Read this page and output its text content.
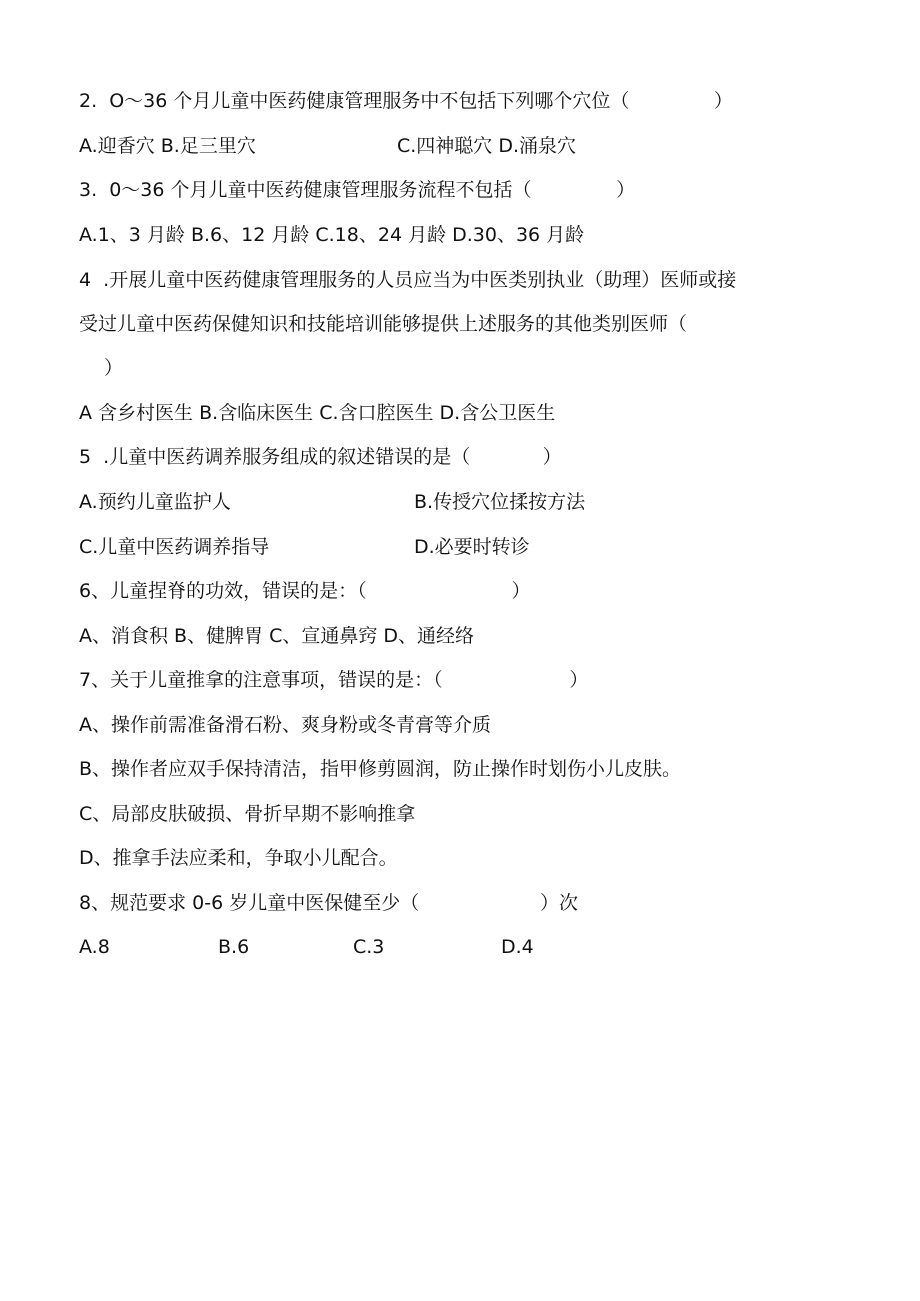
2.  O～36 个月儿童中医药健康管理服务中不包括下列哪个穴位（              ）
A.迎香穴 B.足三里穴	C.四神聪穴 D.涌泉穴
3.  0～36 个月儿童中医药健康管理服务流程不包括（              ）
A.1、3 月龄 B.6、12 月龄 C.18、24 月龄 D.30、36 月龄
4  .开展儿童中医药健康管理服务的人员应当为中医类别执业（助理）医师或接
受过儿童中医药保健知识和技能培训能够提供上述服务的其他类别医师（
）
A 含乡村医生 B.含临床医生 C.含口腔医生 D.含公卫医生
5  .儿童中医药调养服务组成的叙述错误的是（            ）
A.预约儿童监护人	B.传授穴位揉按方法
C.儿童中医药调养指导	D.必要时转诊
6、儿童捏脊的功效，错误的是：（                        ）
A、消食积 B、健脾胃 C、宣通鼻窍 D、通经络
7、关于儿童推拿的注意事项，错误的是：（                     ）
A、操作前需准备滑石粉、爽身粉或冬青膏等介质
B、操作者应双手保持清洁，指甲修剪圆润，防止操作时划伤小儿皮肤。
C、局部皮肤破损、骨折早期不影响推拿
D、推拿手法应柔和，争取小儿配合。
8、规范要求 0-6 岁儿童中医保健至少（                    ）次
A.8	B.6	C.3	D.4
